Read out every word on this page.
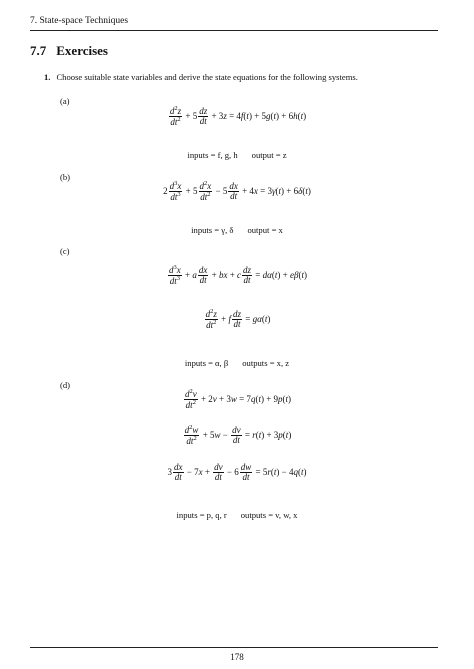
7. State-space Techniques
7.7 Exercises
1. Choose suitable state variables and derive the state equations for the following systems.
(a)
$\frac{d^2z}{dt^2} + 5 \frac{dz}{dt} + 3z = 4f(t) + 5g(t) + 6h(t)$
inputs = f, g, h output = z
(b)
$2 \frac{d^3x}{dt^3} + 5 \frac{d^2x}{dt^2} - 5 \frac{dx}{dt} + 4x = 3\gamma(t) + 6\delta(t)$
inputs = γ, δ output = x
(c)
$\frac{d^3x}{dt^3} + a \frac{dx}{dt}$ + bx + c $\frac{dz}{dt} = d\alpha(t) + e\beta(t)$
$\frac{d^2z}{dt^2} + f \frac{dz}{dt} = g\alpha(t)$
inputs = α, β outputs = x, z
(d)
$\frac{d^2v}{dt^2} + 2v + 3w = 7q(t) + 9p(t)$
$\frac{d^2w}{dt^2} + 5w - \frac{dv}{dt} = r(t) + 3p(t)$
$3 \frac{dx}{dt} - 7x + \frac{dv}{dt} - 6 \frac{dw}{dt} = 5r(t) - 4q(t)$
inputs = p, q, r outputs = v, w, x
178
